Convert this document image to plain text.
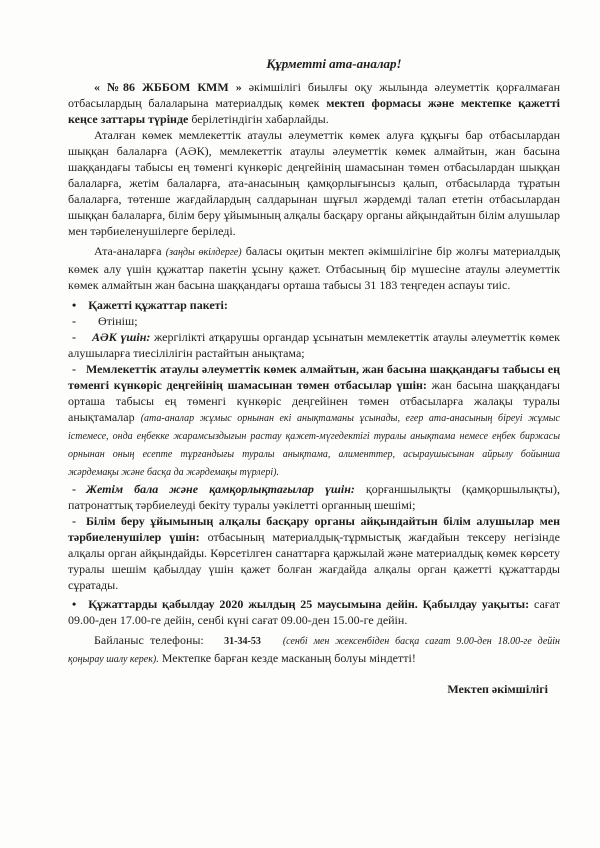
Құрметті ата-аналар!

« №86 ЖББОМ КММ » әкімшілігі биылғы оқу жылында әлеуметтік қорғалмаған отбасылардың балаларына материалдық көмек мектеп формасы және мектепке қажетті кеңсе заттары түрінде берілетіндігін хабарлайды.

Аталған көмек мемлекеттік атаулы әлеуметтік көмек алуға құқығы бар отбасылардан шыққан балаларға (АӘК), мемлекеттік атаулы әлеуметтік көмек алмайтын, жан басына шаққандағы табысы ең төменгі күнкөріс деңгейінің шамасынан төмен отбасылардан шыққан балаларға, жетім балаларға, ата-анасының қамқорлығынсыз қалып, отбасыларда тұратын балаларға, төтенше жағдайлардың салдарынан шұғыл жәрдемді талап ететін отбасылардан шыққан балаларға, білім беру ұйымының алқалы басқару органы айқындайтын білім алушылар мен тәрбиеленушілерге беріледі.

Ата-аналарға (заңды өкілдерге) баласы оқитын мектеп әкімшілігіне бір жолғы материалдық көмек алу үшін құжаттар пакетін ұсыну қажет. Отбасының бір мүшесіне атаулы әлеуметтік көмек алмайтын жан басына шаққандағы орташа табысы 31 183 теңгеден аспауы тиіс.

• Қажетті құжаттар пакеті:

- Өтініш;

- АӘК үшін: жергілікті атқарушы органдар ұсынатын мемлекеттік атаулы әлеуметтік көмек алушыларға тиесілілігін растайтын анықтама;

- Мемлекеттік атаулы әлеуметтік көмек алмайтын, жан басына шаққандағы табысы ең төменгі күнкөріс деңгейінің шамасынан төмен отбасылар үшін: жан басына шаққандағы орташа табысы ең төменгі күнкөріс деңгейінен төмен отбасыларға жалақы туралы анықтамалар (ата-аналар жұмыс орнынан екі анықтаманы ұсынады, егер ата-анасының біреуі жұмыс істемесе, онда еңбекке жарамсыздығын растау қажет-мүгедектігі туралы анықтама немесе еңбек биржасы орнынан оның есепте тұрғандығы туралы анықтама, алименттер, асыраушысынан айрылу бойынша жәрдемақы және басқа да жәрдемақы түрлері).

- Жетім бала және қамқорлықтағылар үшін: қорғаншылықты (қамқоршылықты), патронаттық тәрбиелеуді бекіту туралы уәкілетті органның шешімі;

- Білім беру ұйымының алқалы басқару органы айқындайтын білім алушылар мен тәрбиеленушілер үшін: отбасының материалдық-тұрмыстық жағдайын тексеру негізінде алқалы орган айқындайды. Көрсетілген санаттарға қаржылай және материалдық көмек көрсету туралы шешім қабылдау үшін қажет болған жағдайда алқалы орган қажетті құжаттарды сұратады.

• Құжаттарды қабылдау 2020 жылдың 25 маусымына дейін. Қабылдау уақыты: сағат 09.00-ден 17.00-ге дейін, сенбі күні сағат 09.00-ден 15.00-ге дейін.

Байланыс телефоны: 31-34-53 (сенбі мен жексенбіден басқа сағат 9.00-ден 18.00-ге дейін қоңырау шалу керек). Мектепке барған кезде масканың болуы міндетті!

Мектеп әкімшілігі
